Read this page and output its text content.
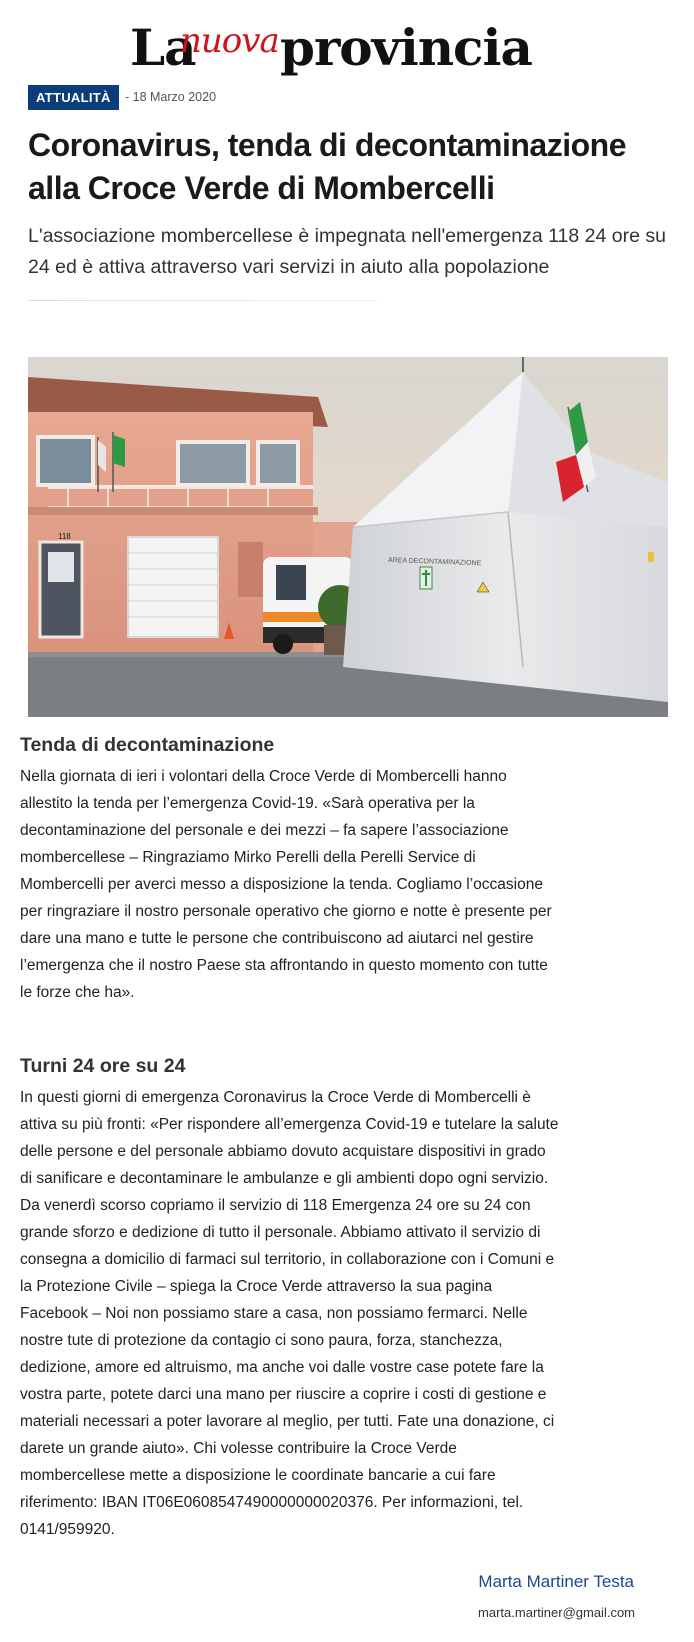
La
nuova provincia
ATTUALITÀ	- 18 Marzo 2020
Coronavirus, tenda di decontaminazione alla Croce Verde di Mombercelli

L'associazione mombercellese è impegnata nell'emergenza 118 24 ore su 24 ed è attiva attraverso vari servizi in aiuto alla popolazione

118
AREA DECONTAMINAZIONE
Tenda di decontaminazione

Nella giornata di ieri i volontari della Croce Verde di Mombercelli hanno allestito la tenda per l’emergenza Covid-19. «Sarà operativa per la decontaminazione del personale e dei mezzi – fa sapere l’associazione mombercellese – Ringraziamo Mirko Perelli della Perelli Service di Mombercelli per averci messo a disposizione la tenda. Cogliamo l’occasione per ringraziare il nostro personale operativo che giorno e notte è presente per dare una mano e tutte le persone che contribuiscono ad aiutarci nel gestire l’emergenza che il nostro Paese sta affrontando in questo momento con tutte le forze che ha».

Turni 24 ore su 24

In questi giorni di emergenza Coronavirus la Croce Verde di Mombercelli è attiva su più fronti: «Per rispondere all’emergenza Covid-19 e tutelare la salute delle persone e del personale abbiamo dovuto acquistare dispositivi in grado di sanificare e decontaminare le ambulanze e gli ambienti dopo ogni servizio. Da venerdì scorso copriamo il servizio di 118 Emergenza 24 ore su 24 con grande sforzo e dedizione di tutto il personale. Abbiamo attivato il servizio di consegna a domicilio di farmaci sul territorio, in collaborazione con i Comuni e la Protezione Civile – spiega la Croce Verde attraverso la sua pagina Facebook – Noi non possiamo stare a casa, non possiamo fermarci. Nelle nostre tute di protezione da contagio ci sono paura, forza, stanchezza, dedizione, amore ed altruismo, ma anche voi dalle vostre case potete fare la vostra parte, potete darci una mano per riuscire a coprire i costi di gestione e materiali necessari a poter lavorare al meglio, per tutti. Fate una donazione, ci darete un grande aiuto». Chi volesse contribuire la Croce Verde mombercellese mette a disposizione le coordinate bancarie a cui fare riferimento: IBAN IT06E0608547490000000020376. Per informazioni, tel. 0141/959920.

Marta Martiner Testa
marta.martiner@gmail.com
